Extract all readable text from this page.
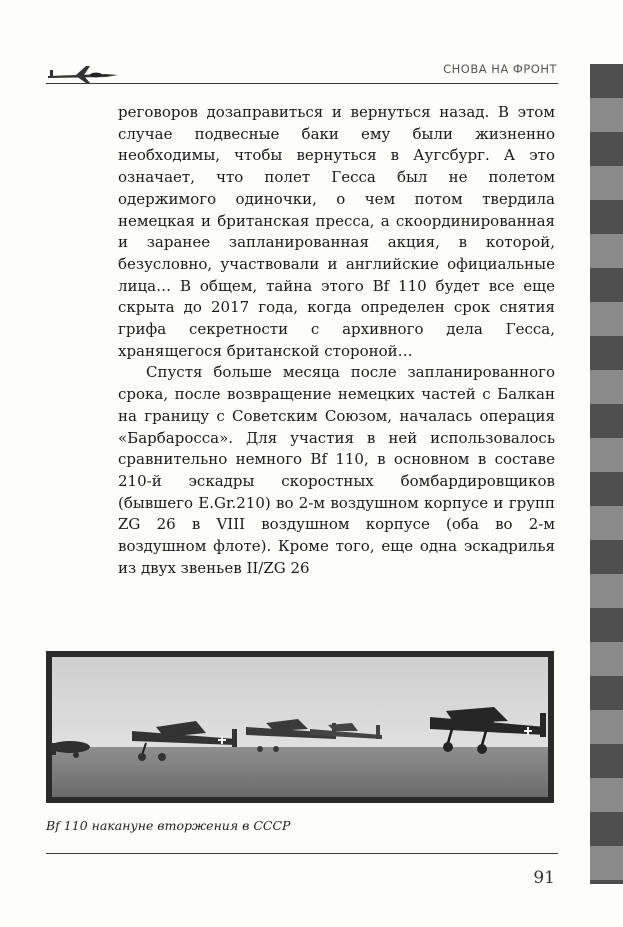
СНОВА НА ФРОНТ

реговоров дозаправиться и вернуться назад. В этом случае подвесные баки ему были жизненно необходимы, чтобы вернуться в Аугсбург. А это означает, что полет Гесса был не полетом одержимого одиночки, о чем потом твердила немецкая и британская пресса, а скоординированная и заранее запланированная акция, в которой, безусловно, участвовали и английские официальные лица… В общем, тайна этого Bf 110 будет все еще скрыта до 2017 года, когда определен срок снятия грифа секретности с архивного дела Гесса, хранящегося британской стороной…

Спустя больше месяца после запланированного срока, после возвращение немецких частей с Балкан на границу с Советским Союзом, началась операция «Барбаросса». Для участия в ней использовалось сравнительно немного Bf 110, в основном в составе 210-й эскадры скоростных бомбардировщиков (бывшего E.Gr.210) во 2-м воздушном корпусе и групп ZG 26 в VIII воздушном корпусе (оба во 2-м воздушном флоте). Кроме того, еще одна эскадрилья из двух звеньев II/ZG 26

Bf 110 накануне вторжения в СССР
91
